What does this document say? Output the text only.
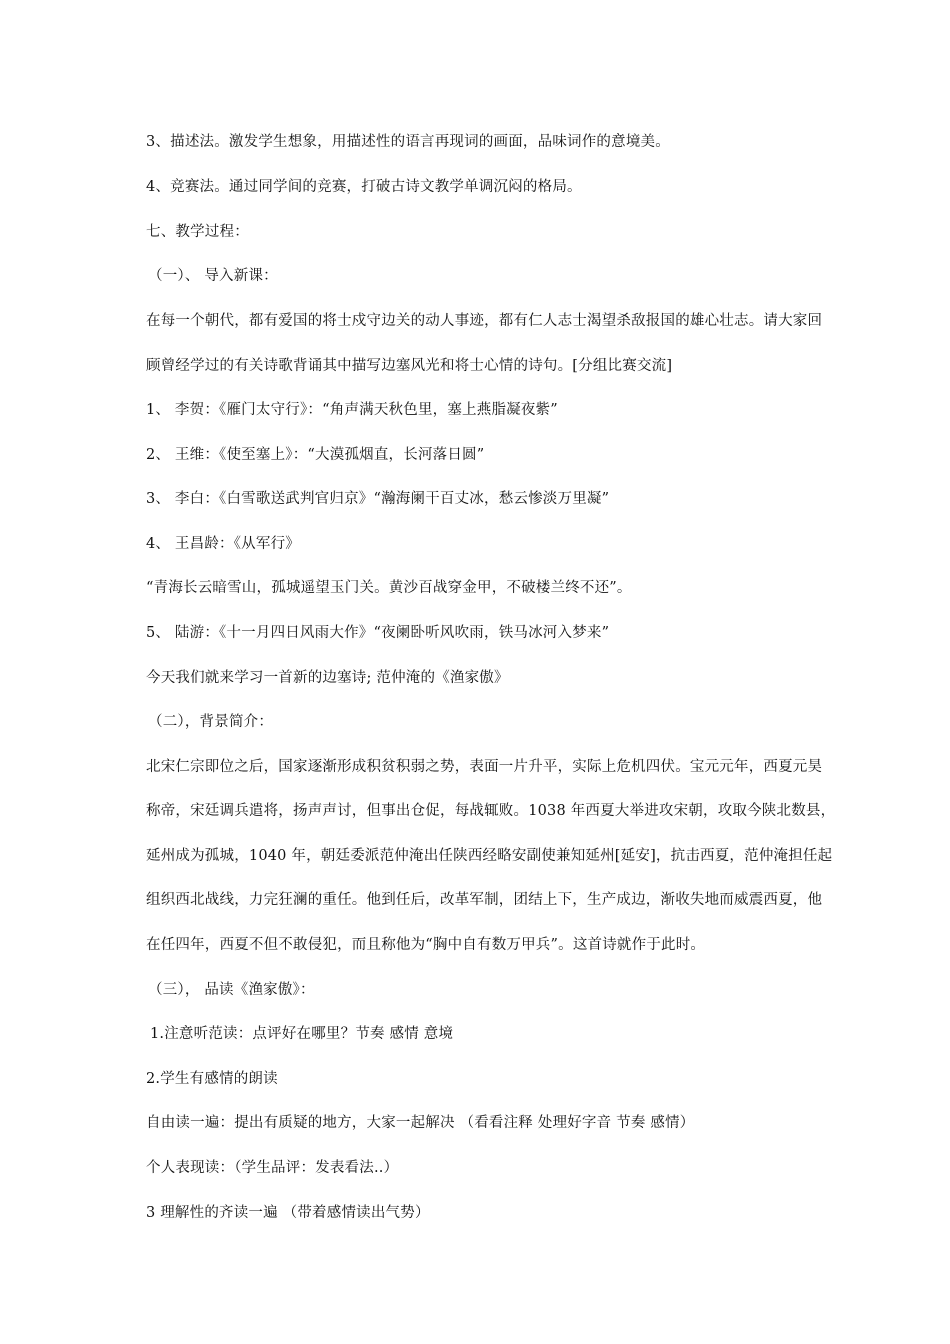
3、描述法。激发学生想象，用描述性的语言再现词的画面，品味词作的意境美。
4、竞赛法。通过同学间的竞赛，打破古诗文教学单调沉闷的格局。
七、教学过程：
（一）、 导入新课：
在每一个朝代，都有爱国的将士戍守边关的动人事迹，都有仁人志士渴望杀敌报国的雄心壮志。请大家回
顾曾经学过的有关诗歌背诵其中描写边塞风光和将士心情的诗句。[分组比赛交流]
1、 李贺：《雁门太守行》：“角声满天秋色里，塞上燕脂凝夜紫”
2、 王维：《使至塞上》：“大漠孤烟直，长河落日圆”
3、 李白：《白雪歌送武判官归京》“瀚海阑干百丈冰，愁云惨淡万里凝”
4、 王昌龄：《从军行》
“青海长云暗雪山，孤城遥望玉门关。黄沙百战穿金甲，不破楼兰终不还”。
5、 陆游：《十一月四日风雨大作》“夜阑卧听风吹雨，铁马冰河入梦来”
今天我们就来学习一首新的边塞诗; 范仲淹的《渔家傲》
（二），背景简介：
北宋仁宗即位之后，国家逐渐形成积贫积弱之势，表面一片升平，实际上危机四伏。宝元元年，西夏元昊
称帝，宋廷调兵遣将，扬声声讨，但事出仓促，每战辄败。1038 年西夏大举进攻宋朝，攻取今陕北数县，
延州成为孤城，1040 年，朝廷委派范仲淹出任陕西经略安副使兼知延州[延安]，抗击西夏，范仲淹担任起
组织西北战线，力完狂澜的重任。他到任后，改革军制，团结上下，生产成边，渐收失地而威震西夏，他
在任四年，西夏不但不敢侵犯，而且称他为“胸中自有数万甲兵”。这首诗就作于此时。
（三）， 品读《渔家傲》：
1.注意听范读：点评好在哪里？节奏 感情 意境
2.学生有感情的朗读
自由读一遍：提出有质疑的地方，大家一起解决 （看看注释 处理好字音 节奏 感情）
个人表现读：（学生品评：发表看法..）
3 理解性的齐读一遍 （带着感情读出气势）
